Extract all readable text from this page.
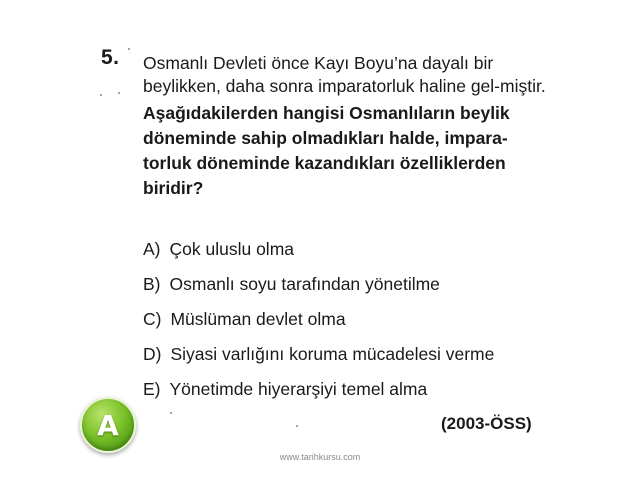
5. Osmanlı Devleti önce Kayı Boyu’na dayalı bir beylikken, daha sonra imparatorluk haline gel-miştir.

Aşağıdakilerden hangisi Osmanlıların beylik döneminde sahip olmadıkları halde, impara-torluk döneminde kazandıkları özelliklerden biridir?

A) Çok uluslu olma
B) Osmanlı soyu tarafından yönetilme
C) Müslüman devlet olma
D) Siyasi varlığını koruma mücadelesi verme
E) Yönetimde hiyerarşiyi temel alma
A	(2003-ÖSS)
www.tarihkursu.com
